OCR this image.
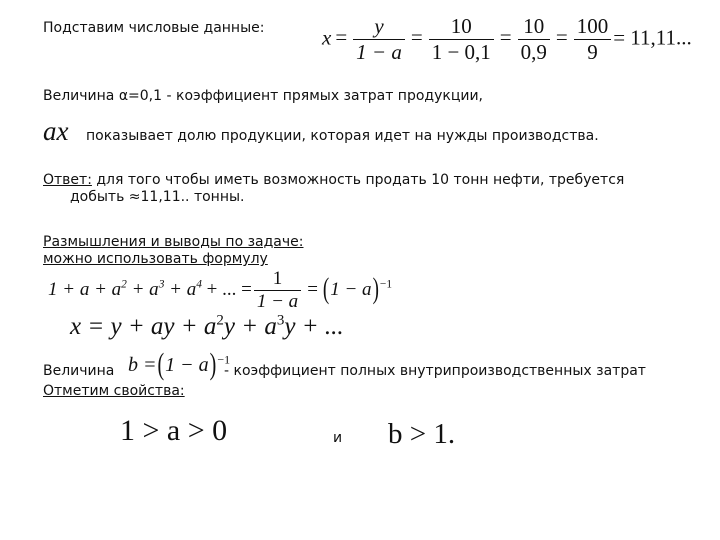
Подставим числовые данные:	$x = \frac{y}{1 - a} = \frac{10}{1 - 0,1} = \frac{10}{0,9} = \frac{100}{9} = 11,11$...
Величина α=0,1 - коэффициент прямых затрат продукции,
ax показывает долю продукции, которая идет на нужды производства.
Ответ: для того чтобы иметь возможность продать 10 тонн нефти, требуется
добыть ≈11,11.. тонны.
Размышления и выводы по задаче:
можно использовать формулу
$1 + a + a^2 + a^3 + a^4$ + ... = $\frac{1}{1 - a} = (1 - a)^{-1}$
x = y + ay + $a^2y + a^3y$ + ...
Величина $b =(1 - a)^{-1}$
- коэффициент полных внутрипроизводственных затрат
Отметим свойства:
1 > a > 0	и b > 1.
